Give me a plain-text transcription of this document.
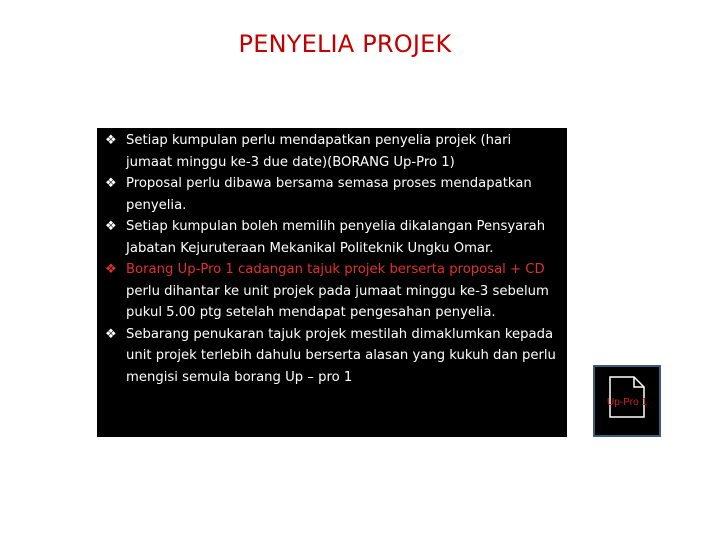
PENYELIA PROJEK
❖ Setiap kumpulan perlu mendapatkan penyelia projek (hari jumaat minggu ke-3 due date)(BORANG Up-Pro 1)
❖ Proposal perlu dibawa bersama semasa proses mendapatkan penyelia.
❖ Setiap kumpulan boleh memilih penyelia dikalangan Pensyarah Jabatan Kejuruteraan Mekanikal Politeknik Ungku Omar.
❖ Borang Up-Pro 1 cadangan tajuk projek berserta proposal + CD perlu dihantar ke unit projek pada jumaat minggu ke-3 sebelum pukul 5.00 ptg setelah mendapat pengesahan penyelia.
❖ Sebarang penukaran tajuk projek mestilah dimaklumkan kepada unit projek terlebih dahulu berserta alasan yang kukuh dan perlu mengisi semula borang Up – pro 1
Up-Pro 1
